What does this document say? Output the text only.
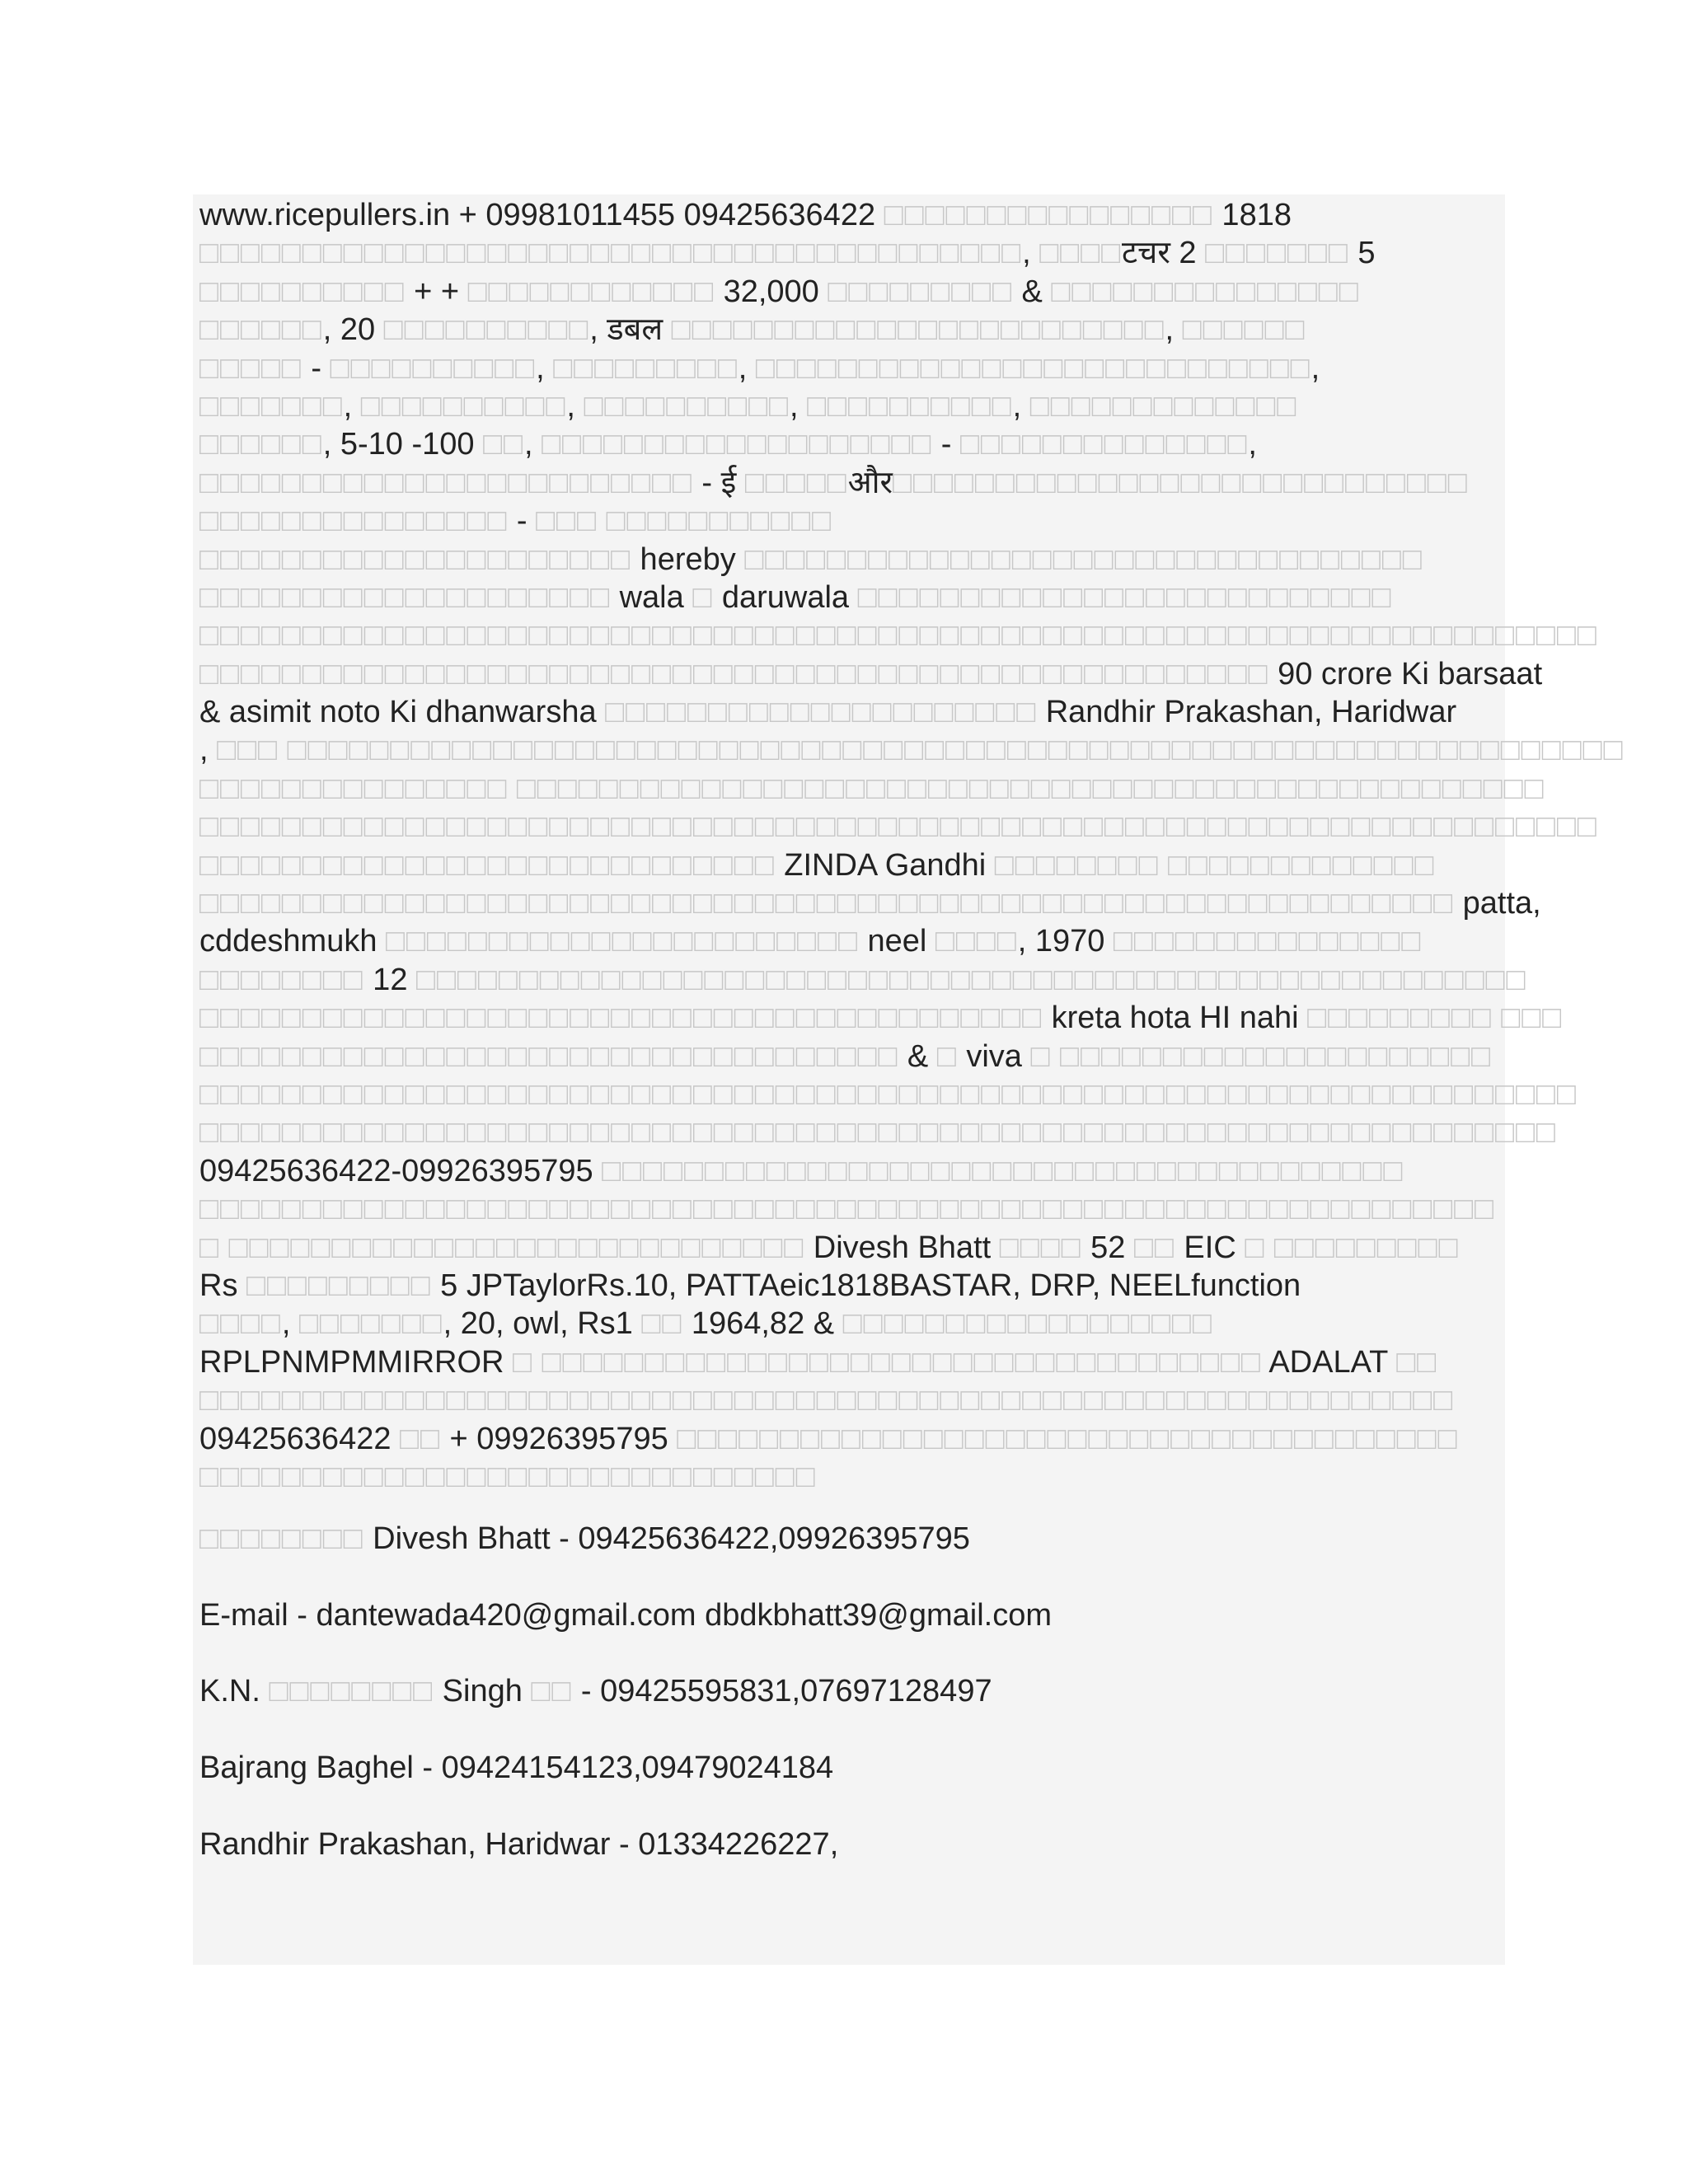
www.ricepullers.in + 09981011455 09425636422 □□□□□□□□□□□□□□□□ 1818
□□□□□□□□□□□□□□□□□□□□□□□□□□□□□□□□□□□□□□□□, □□□□टचर 2 □□□□□□□ 5
□□□□□□□□□□ + + □□□□□□□□□□□□ 32,000 □□□□□□□□□ & □□□□□□□□□□□□□□□
□□□□□□, 20 □□□□□□□□□□, डबल □□□□□□□□□□□□□□□□□□□□□□□□, □□□□□□
□□□□□ - □□□□□□□□□□, □□□□□□□□□, □□□□□□□□□□□□□□□□□□□□□□□□□□□,
□□□□□□□, □□□□□□□□□□, □□□□□□□□□□, □□□□□□□□□□, □□□□□□□□□□□□□
□□□□□□, 5-10 -100 □□, □□□□□□□□□□□□□□□□□□□ - □□□□□□□□□□□□□□,
□□□□□□□□□□□□□□□□□□□□□□□□ - ई □□□□□और□□□□□□□□□□□□□□□□□□□□□□□□□□□□
□□□□□□□□□□□□□□□ - □□□ □□□□□□□□□□□
□□□□□□□□□□□□□□□□□□□□□ hereby □□□□□□□□□□□□□□□□□□□□□□□□□□□□□□□□□
□□□□□□□□□□□□□□□□□□□□ wala □ daruwala □□□□□□□□□□□□□□□□□□□□□□□□□□
□□□□□□□□□□□□□□□□□□□□□□□□□□□□□□□□□□□□□□□□□□□□□□□□□□□□□□□□□□□□□□□□□□□□
□□□□□□□□□□□□□□□□□□□□□□□□□□□□□□□□□□□□□□□□□□□□□□□□□□□□ 90 crore Ki barsaat
& asimit noto Ki dhanwarsha □□□□□□□□□□□□□□□□□□□□□ Randhir Prakashan, Haridwar
, □□□ □□□□□□□□□□□□□□□□□□□□□□□□□□□□□□□□□□□□□□□□□□□□□□□□□□□□□□□□□□□□□□□□□
□□□□□□□□□□□□□□□ □□□□□□□□□□□□□□□□□□□□□□□□□□□□□□□□□□□□□□□□□□□□□□□□□□
□□□□□□□□□□□□□□□□□□□□□□□□□□□□□□□□□□□□□□□□□□□□□□□□□□□□□□□□□□□□□□□□□□□□
□□□□□□□□□□□□□□□□□□□□□□□□□□□□ ZINDA Gandhi □□□□□□□□ □□□□□□□□□□□□□
□□□□□□□□□□□□□□□□□□□□□□□□□□□□□□□□□□□□□□□□□□□□□□□□□□□□□□□□□□□□□ patta,
cddeshmukh □□□□□□□□□□□□□□□□□□□□□□□ neel □□□□, 1970 □□□□□□□□□□□□□□□
□□□□□□□□ 12 □□□□□□□□□□□□□□□□□□□□□□□□□□□□□□□□□□□□□□□□□□□□□□□□□□□□□□
□□□□□□□□□□□□□□□□□□□□□□□□□□□□□□□□□□□□□□□□□ kreta hota HI nahi □□□□□□□□□ □□□
□□□□□□□□□□□□□□□□□□□□□□□□□□□□□□□□□□ & □ viva □ □□□□□□□□□□□□□□□□□□□□□
□□□□□□□□□□□□□□□□□□□□□□□□□□□□□□□□□□□□□□□□□□□□□□□□□□□□□□□□□□□□□□□□□□□
□□□□□□□□□□□□□□□□□□□□□□□□□□□□□□□□□□□□□□□□□□□□□□□□□□□□□□□□□□□□□□□□□□
09425636422-09926395795 □□□□□□□□□□□□□□□□□□□□□□□□□□□□□□□□□□□□□□□
□□□□□□□□□□□□□□□□□□□□□□□□□□□□□□□□□□□□□□□□□□□□□□□□□□□□□□□□□□□□□□□
□ □□□□□□□□□□□□□□□□□□□□□□□□□□□□ Divesh Bhatt □□□□ 52 □□ EIC □ □□□□□□□□□
Rs □□□□□□□□□ 5 JPTaylorRs.10, PATTAeic1818BASTAR, DRP, NEELfunction
□□□□, □□□□□□□, 20, owl, Rs1 □□ 1964,82 & □□□□□□□□□□□□□□□□□□
RPLPNMPMMIRROR □ □□□□□□□□□□□□□□□□□□□□□□□□□□□□□□□□□□□ ADALAT □□
□□□□□□□□□□□□□□□□□□□□□□□□□□□□□□□□□□□□□□□□□□□□□□□□□□□□□□□□□□□□□
09425636422 □□ + 09926395795 □□□□□□□□□□□□□□□□□□□□□□□□□□□□□□□□□□□□□□
□□□□□□□□□□□□□□□□□□□□□□□□□□□□□□
□□□□□□□□ Divesh Bhatt - 09425636422,09926395795
E-mail - dantewada420@gmail.com dbdkbhatt39@gmail.com
K.N. □□□□□□□□ Singh □□ - 09425595831,07697128497
Bajrang Baghel - 09424154123,09479024184
Randhir Prakashan, Haridwar - 01334226227,
